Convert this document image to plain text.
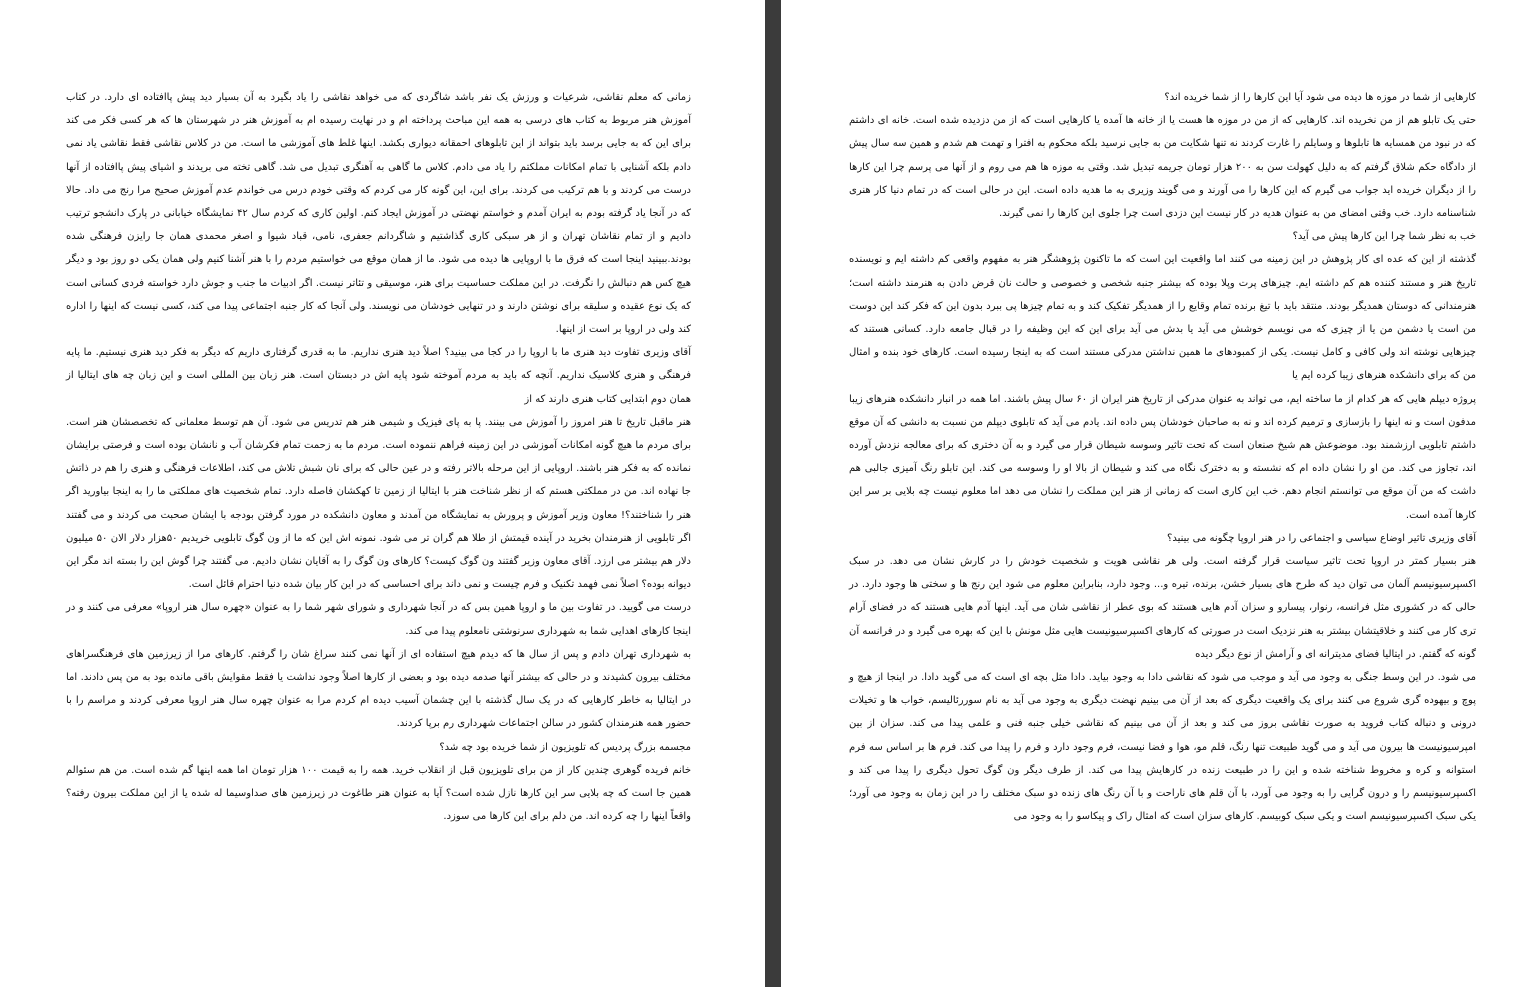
زمانی که معلم نقاشی، شرعیات و ورزش یک نفر باشد شاگردی که می خواهد نقاشی را یاد بگیرد به آن بسیار دید پیش پاافتاده ای دارد. در کتاب آموزش هنر مربوط به کتاب های درسی به همه این مباحث پرداخته ام و در نهایت رسیده ام به آموزش هنر در شهرستان ها که هر کسی فکر می کند برای این که به جایی برسد باید بتواند از این تابلوهای احمقانه دیواری بکشد. اینها غلط های آموزشی ما است. من در کلاس نقاشی فقط نقاشی یاد نمی دادم بلکه آشنایی با تمام امکانات مملکتم را یاد می دادم. کلاس ما گاهی به آهنگری تبدیل می شد. گاهی تخته می بریدند و اشیای پیش پاافتاده از آنها درست می کردند و با هم ترکیب می کردند. برای این، این گونه کار می کردم که وقتی خودم درس می خواندم عدم آموزش صحیح مرا رنج می داد. حالا که در آنجا یاد گرفته بودم به ایران آمدم و خواستم نهضتی در آموزش ایجاد کنم. اولین کاری که کردم سال ۴۲ نمایشگاه خیابانی در پارک دانشجو ترتیب دادیم و از تمام نقاشان تهران و از هر سبکی کاری گذاشتیم و شاگردانم جعفری، نامی، قباد شیوا و اصغر محمدی همان جا رایزن فرهنگی شده بودند.ببینید اینجا است که فرق ما با اروپایی ها دیده می شود. ما از همان موقع می خواستیم مردم را با هنر آشنا کنیم ولی همان یکی دو روز بود و دیگر هیچ کس هم دنبالش را نگرفت. در این مملکت حساسیت برای هنر، موسیقی و تئاتر نیست. اگر ادبیات ما جنب و جوش دارد خواسته فردی کسانی است که یک نوع عقیده و سلیقه برای نوشتن دارند و در تنهایی خودشان می نویسند. ولی آنجا که کار جنبه اجتماعی پیدا می کند، کسی نیست که اینها را اداره کند ولی در اروپا بر است از اینها.

آقای وزیری تفاوت دید هنری ما با اروپا را در کجا می بینید؟ اصلاً دید هنری نداریم. ما به قدری گرفتاری داریم که دیگر به فکر دید هنری نیستیم. ما پایه فرهنگی و هنری کلاسیک نداریم. آنچه که باید به مردم آموخته شود پایه اش در دبستان است. هنر زبان بین المللی است و این زبان چه های ایتالیا از همان دوم ابتدایی کتاب هنری دارند که از

هنر ماقبل تاریخ تا هنر امروز را آموزش می بینند. پا به پای فیزیک و شیمی هنر هم تدریس می شود. آن هم توسط معلمانی که تخصصشان هنر است. برای مردم ما هیچ گونه امکانات آموزشی در این زمینه فراهم ننموده است. مردم ما به زحمت تمام فکرشان آب و نانشان بوده است و فرصتی برایشان نمانده که به فکر هنر باشند. اروپایی از این مرحله بالاتر رفته و در عین حالی که برای نان شبش تلاش می کند، اطلاعات فرهنگی و هنری را هم در ذاتش جا نهاده اند. من در مملکتی هستم که از نظر شناخت هنر با ایتالیا از زمین تا کهکشان فاصله دارد. تمام شخصیت های مملکتی ما را به اینجا بیاورید اگر هنر را شناختند؟! معاون وزیر آموزش و پرورش به نمایشگاه من آمدند و معاون دانشکده در مورد گرفتن بودجه با ایشان صحبت می کردند و می گفتند اگر تابلویی از هنرمندان بخرید در آینده قیمتش از طلا هم گران تر می شود. نمونه اش این که ما از ون گوگ تابلویی خریدیم ۵۰هزار دلار الان ۵۰ میلیون دلار هم بیشتر می ارزد. آقای معاون وزیر گفتند ون گوگ کیست؟ کارهای ون گوگ را به آقایان نشان دادیم. می گفتند چرا گوش این را بسته اند مگر این دیوانه بوده؟ اصلاً نمی فهمد تکنیک و فرم چیست و نمی داند برای احساسی که در این کار بیان شده دنیا احترام قائل است.

درست می گویید. در تفاوت بین ما و اروپا همین بس که در آنجا شهرداری و شورای شهر شما را به عنوان «چهره سال هنر اروپا» معرفی می کنند و در اینجا کارهای اهدایی شما به شهرداری سرنوشتی نامعلوم پیدا می کند.

به شهرداری تهران دادم و پس از سال ها که دیدم هیچ استفاده ای از آنها نمی کنند سراغ شان را گرفتم. کارهای مرا از زیرزمین های فرهنگسراهای مختلف بیرون کشیدند و در حالی که بیشتر آنها صدمه دیده بود و بعضی از کارها اصلاً وجود نداشت یا فقط مقوایش باقی مانده بود به من پس دادند. اما در ایتالیا به خاطر کارهایی که در یک سال گذشته با این چشمان آسیب دیده ام کردم مرا به عنوان چهره سال هنر اروپا معرفی کردند و مراسم را با حضور همه هنرمندان کشور در سالن اجتماعات شهرداری رم برپا کردند.

مجسمه بزرگ پردیس که تلویزیون از شما خریده بود چه شد؟

خانم فریده گوهری چندین کار از من برای تلویزیون قبل از انقلاب خرید. همه را به قیمت ۱۰۰ هزار تومان اما همه اینها گم شده است. من هم سئوالم همین جا است که چه بلایی سر این کارها نازل شده است؟ آیا به عنوان هنر طاغوت در زیرزمین های صداوسیما له شده یا از این مملکت بیرون رفته؟ واقعاً اینها را چه کرده اند. من دلم برای این کارها می سوزد.

کارهایی از شما در موزه ها دیده می شود آیا این کارها را از شما خریده اند؟

حتی یک تابلو هم از من نخریده اند. کارهایی که از من در موزه ها هست یا از خانه ها آمده یا کارهایی است که از من دزدیده شده است. خانه ای داشتم که در نبود من همسایه ها تابلوها و وسایلم را غارت کردند نه تنها شکایت من به جایی نرسید بلکه محکوم به افترا و تهمت هم شدم و همین سه سال پیش از دادگاه حکم شلاق گرفتم که به دلیل کهولت سن به ۲۰۰ هزار تومان جریمه تبدیل شد. وقتی به موزه ها هم می روم و از آنها می پرسم چرا این کارها را از دیگران خریده اید جواب می گیرم که این کارها را می آورند و می گویند وزیری به ما هدیه داده است. این در حالی است که در تمام دنیا کار هنری شناسنامه دارد. خب وقتی امضای من به عنوان هدیه در کار نیست این دزدی است چرا جلوی این کارها را نمی گیرند.

خب به نظر شما چرا این کارها پیش می آید؟

گذشته از این که عده ای کار پژوهش در این زمینه می کنند اما واقعیت این است که ما تاکنون پژوهشگر هنر به مفهوم واقعی کم داشته ایم و نویسنده تاریخ هنر و مستند کننده هم کم داشته ایم. چیزهای پرت وپلا بوده که بیشتر جنبه شخصی و خصوصی و حالت نان قرض دادن به هنرمند داشته است؛ هنرمندانی که دوستان همدیگر بودند. منتقد باید با تیغ برنده تمام وقایع را از همدیگر تفکیک کند و به تمام چیزها پی ببرد بدون این که فکر کند این دوست من است یا دشمن من یا از چیزی که می نویسم خوشش می آید یا بدش می آید برای این که این وظیفه را در قبال جامعه دارد. کسانی هستند که چیزهایی نوشته اند ولی کافی و کامل نیست. یکی از کمبودهای ما همین نداشتن مدرکی مستند است که به اینجا رسیده است. کارهای خود بنده و امثال من که برای دانشکده هنرهای زیبا کرده ایم یا

پروژه دیپلم هایی که هر کدام از ما ساخته ایم، می تواند به عنوان مدرکی از تاریخ هنر ایران از ۶۰ سال پیش باشند. اما همه در انبار دانشکده هنرهای زیبا مدفون است و نه اینها را بازسازی و ترمیم کرده اند و نه به صاحبان خودشان پس داده اند. یادم می آید که تابلوی دیپلم من نسبت به دانشی که آن موقع داشتم تابلویی ارزشمند بود. موضوعش هم شیخ صنعان است که تحت تاثیر وسوسه شیطان قرار می گیرد و به آن دختری که برای معالجه نزدش آورده اند، تجاوز می کند. من او را نشان داده ام که نشسته و به دخترک نگاه می کند و شیطان از بالا او را وسوسه می کند. این تابلو رنگ آمیزی جالبی هم داشت که من آن موقع می توانستم انجام دهم. خب این کاری است که زمانی از هنر این مملکت را نشان می دهد اما معلوم نیست چه بلایی بر سر این کارها آمده است.

آقای وزیری تاثیر اوضاع سیاسی و اجتماعی را در هنر اروپا چگونه می بینید؟

هنر بسیار کمتر در اروپا تحت تاثیر سیاست قرار گرفته است. ولی هر نقاشی هویت و شخصیت خودش را در کارش نشان می دهد. در سبک اکسپرسیونیسم آلمان می توان دید که طرح های بسیار خشن، برنده، تیره و... وجود دارد، بنابراین معلوم می شود این رنج ها و سختی ها وجود دارد. در حالی که در کشوری مثل فرانسه، رنوار، پیسارو و سزان آدم هایی هستند که بوی عطر از نقاشی شان می آید. اینها آدم هایی هستند که در فضای آرام تری کار می کنند و خلاقیتشان بیشتر به هنر نزدیک است در صورتی که کارهای اکسپرسیونیست هایی مثل مونش با این که بهره می گیرد و در فرانسه آن گونه که گفتم. در ایتالیا فضای مدیترانه ای و آرامش از نوع دیگر دیده

می شود. در این وسط جنگی به وجود می آید و موجب می شود که نقاشی دادا به وجود بیاید. دادا مثل بچه ای است که می گوید دادا. در اینجا از هیچ و پوچ و بیهوده گری شروع می کنند برای یک واقعیت دیگری که بعد از آن می بینیم نهضت دیگری به وجود می آید به نام سوررئالیسم، خواب ها و تخیلات درونی و دنباله کتاب فروید به صورت نقاشی بروز می کند و بعد از آن می بینیم که نقاشی خیلی جنبه فنی و علمی پیدا می کند. سزان از بین امپرسیونیست ها بیرون می آید و می گوید طبیعت تنها رنگ، قلم مو، هوا و فضا نیست، فرم وجود دارد و فرم را پیدا می کند. فرم ها بر اساس سه فرم استوانه و کره و مخروط شناخته شده و این را در طبیعت زنده در کارهایش پیدا می کند. از طرف دیگر ون گوگ تحول دیگری را پیدا می کند و اکسپرسیونیسم را و درون گرایی را به وجود می آورد، با آن قلم های ناراحت و با آن رنگ های زنده دو سبک مختلف را در این زمان به وجود می آورد؛ یکی سبک اکسپرسیونیسم است و یکی سبک کوبیسم. کارهای سزان است که امثال راک و پیکاسو را به وجود می
